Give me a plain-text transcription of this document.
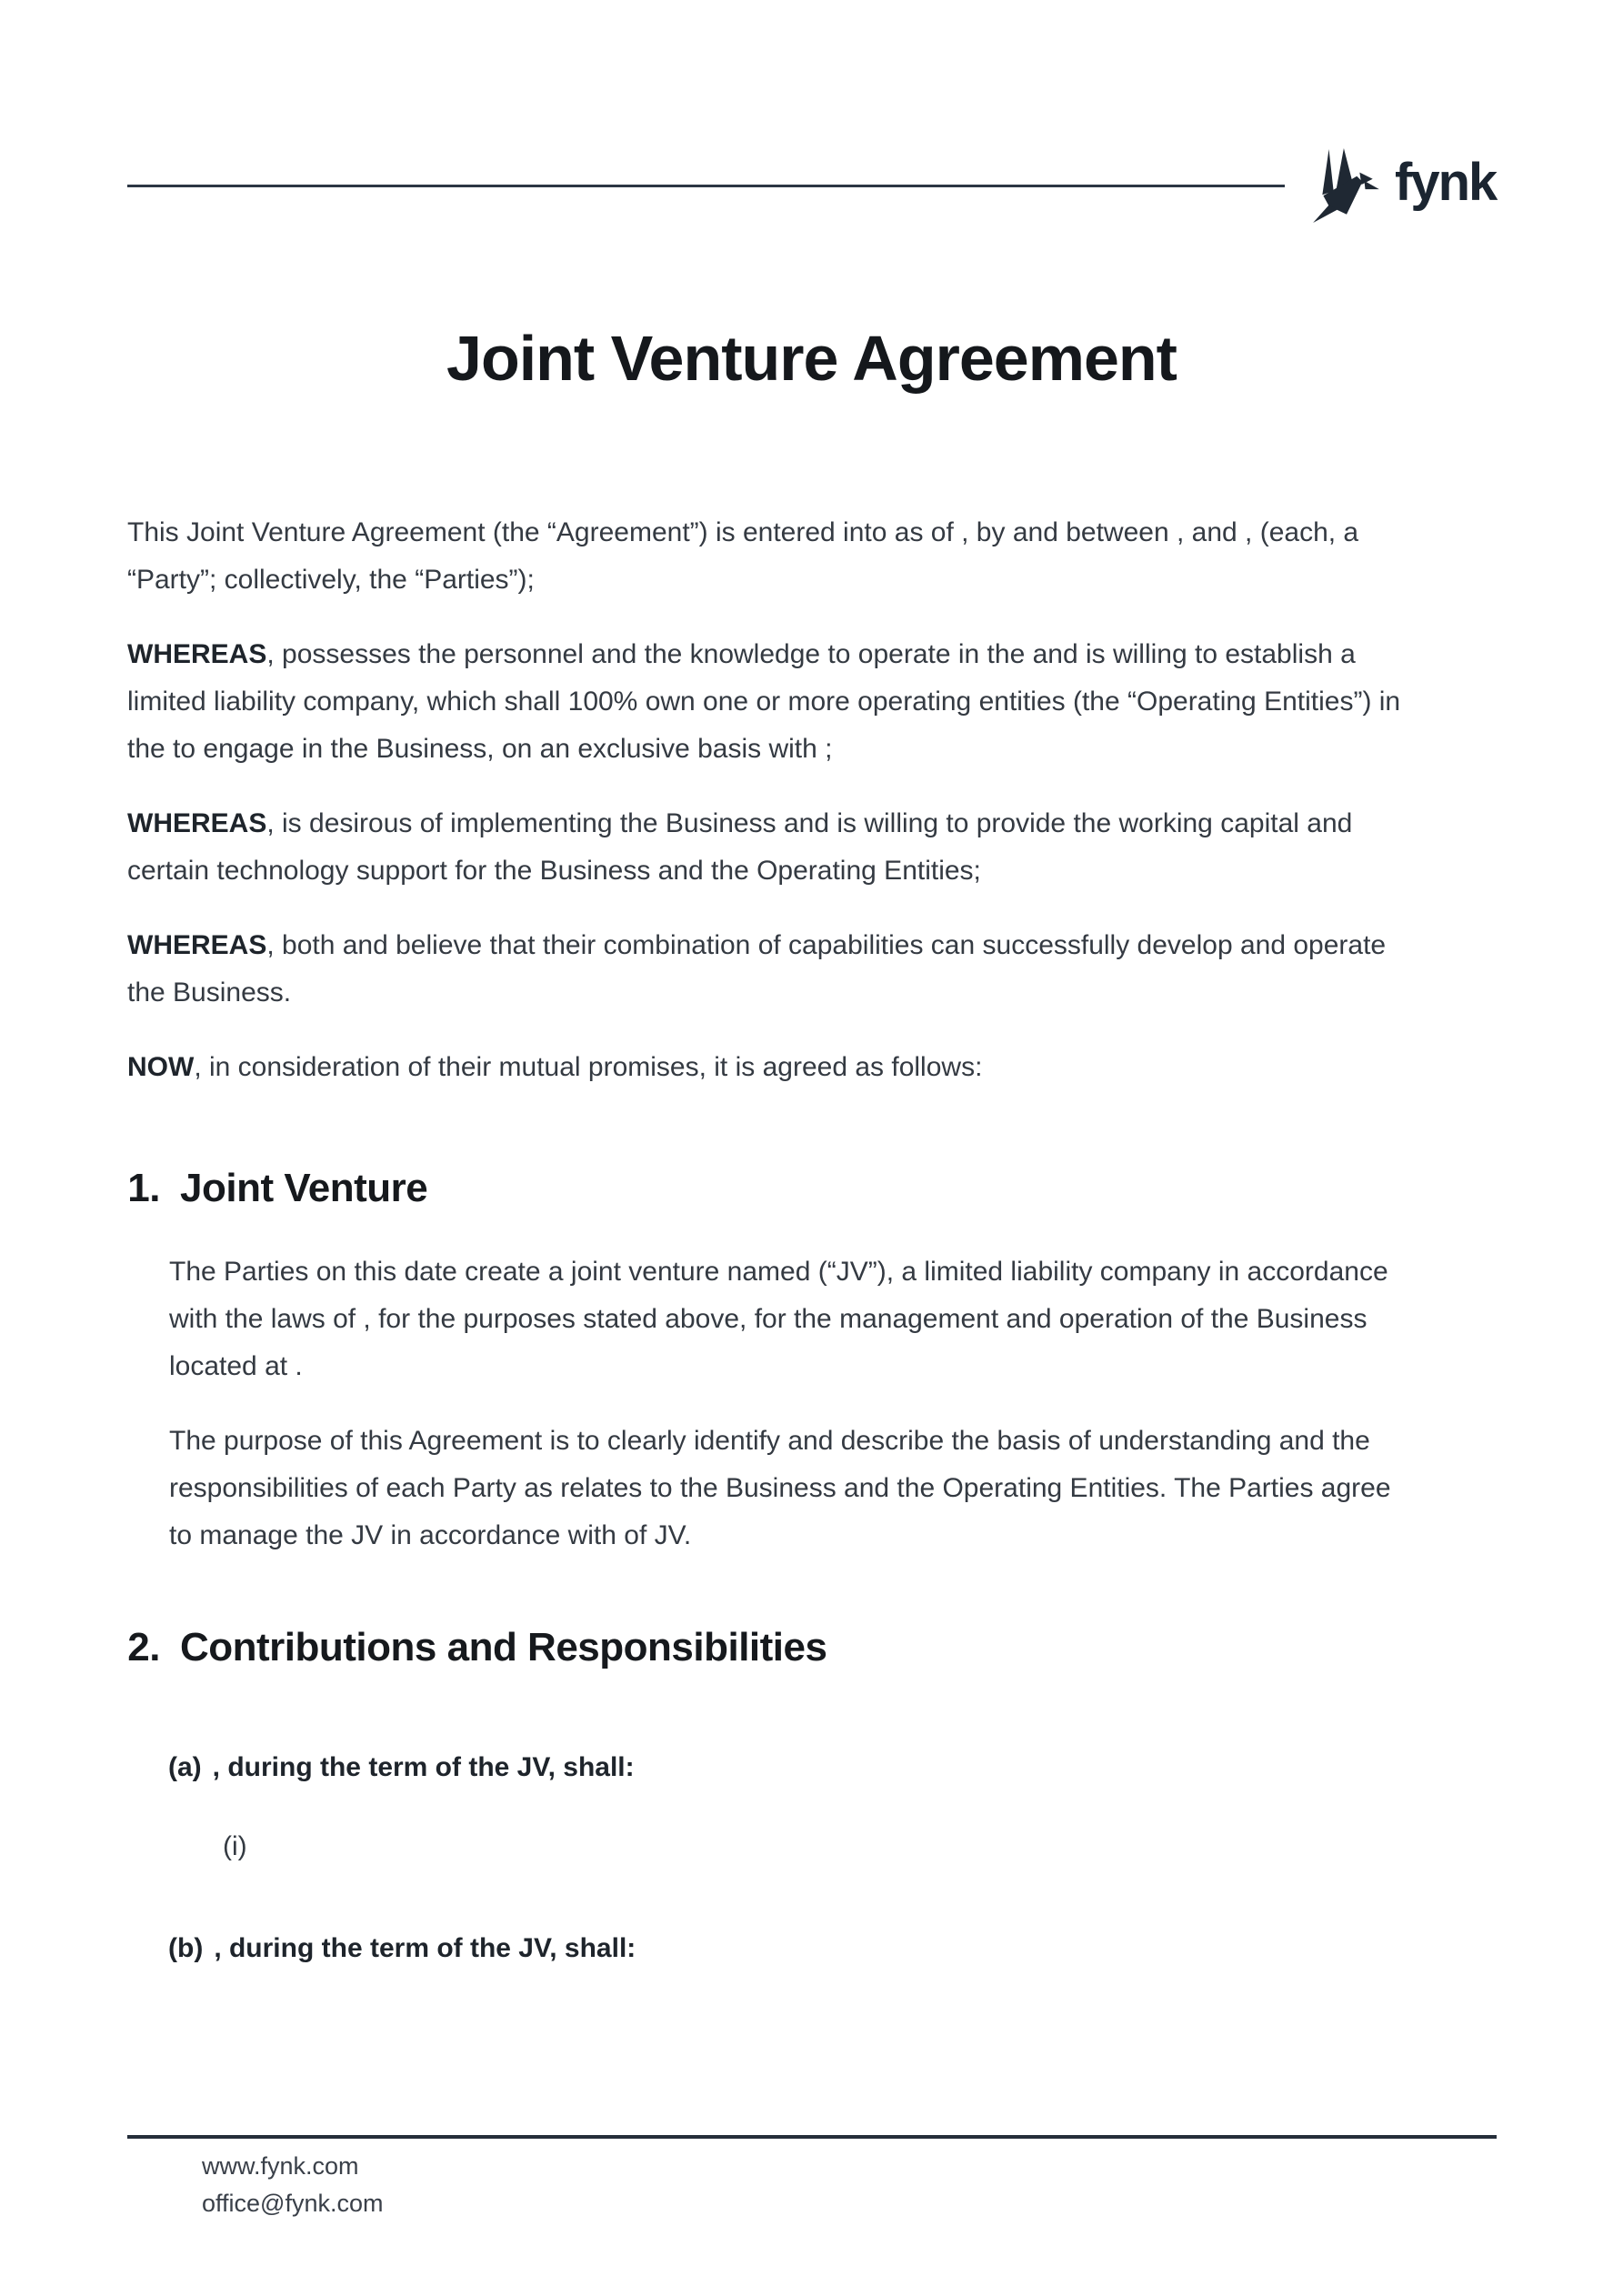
fynk
Joint Venture Agreement

This Joint Venture Agreement (the “Agreement”) is entered into as of , by and between , and , (each, a “Party”; collectively, the “Parties”);

WHEREAS, possesses the personnel and the knowledge to operate in the and is willing to establish a limited liability company, which shall 100% own one or more operating entities (the “Operating Entities”) in the to engage in the Business, on an exclusive basis with ;

WHEREAS, is desirous of implementing the Business and is willing to provide the working capital and certain technology support for the Business and the Operating Entities;

WHEREAS, both and believe that their combination of capabilities can successfully develop and operate the Business.

NOW, in consideration of their mutual promises, it is agreed as follows:

1. Joint Venture

The Parties on this date create a joint venture named (“JV”), a limited liability company in accordance with the laws of , for the purposes stated above, for the management and operation of the Business located at .

The purpose of this Agreement is to clearly identify and describe the basis of understanding and the responsibilities of each Party as relates to the Business and the Operating Entities. The Parties agree to manage the JV in accordance with of JV.

2. Contributions and Responsibilities

(a) , during the term of the JV, shall:

(i)

(b) , during the term of the JV, shall:

www.fynk.com
office@fynk.com
